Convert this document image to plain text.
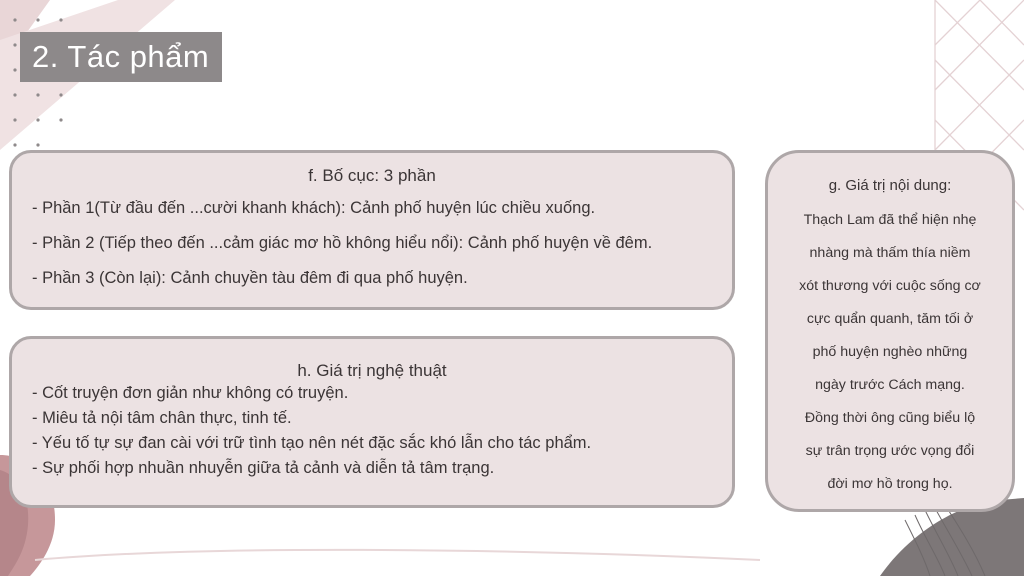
2. Tác phẩm
f. Bố cục: 3 phần
- Phần 1(Từ đầu đến ...cười khanh khách): Cảnh phố huyện lúc chiều xuống.
- Phần 2 (Tiếp theo đến ...cảm giác mơ hồ không hiểu nổi): Cảnh phố huyện về đêm.
- Phần 3 (Còn lại): Cảnh chuyền tàu đêm đi qua phố huyện.
h. Giá trị nghệ thuật
- Cốt truyện đơn giản như không có truyện.
- Miêu tả nội tâm chân thực, tinh tế.
- Yếu tố tự sự đan cài với trữ tình tạo nên nét đặc sắc khó lẫn cho tác phẩm.
- Sự phối hợp nhuần nhuyễn giữa tả cảnh và diễn tả tâm trạng.
g. Giá trị nội dung:
Thạch Lam đã thể hiện nhẹ
nhàng mà thấm thía niềm
xót thương với cuộc sống cơ
cực quẩn quanh, tăm tối ở
phố huyện nghèo những
ngày trước Cách mạng.
Đồng thời ông cũng biểu lộ
sự trân trọng ước vọng đổi
đời mơ hồ trong họ.
